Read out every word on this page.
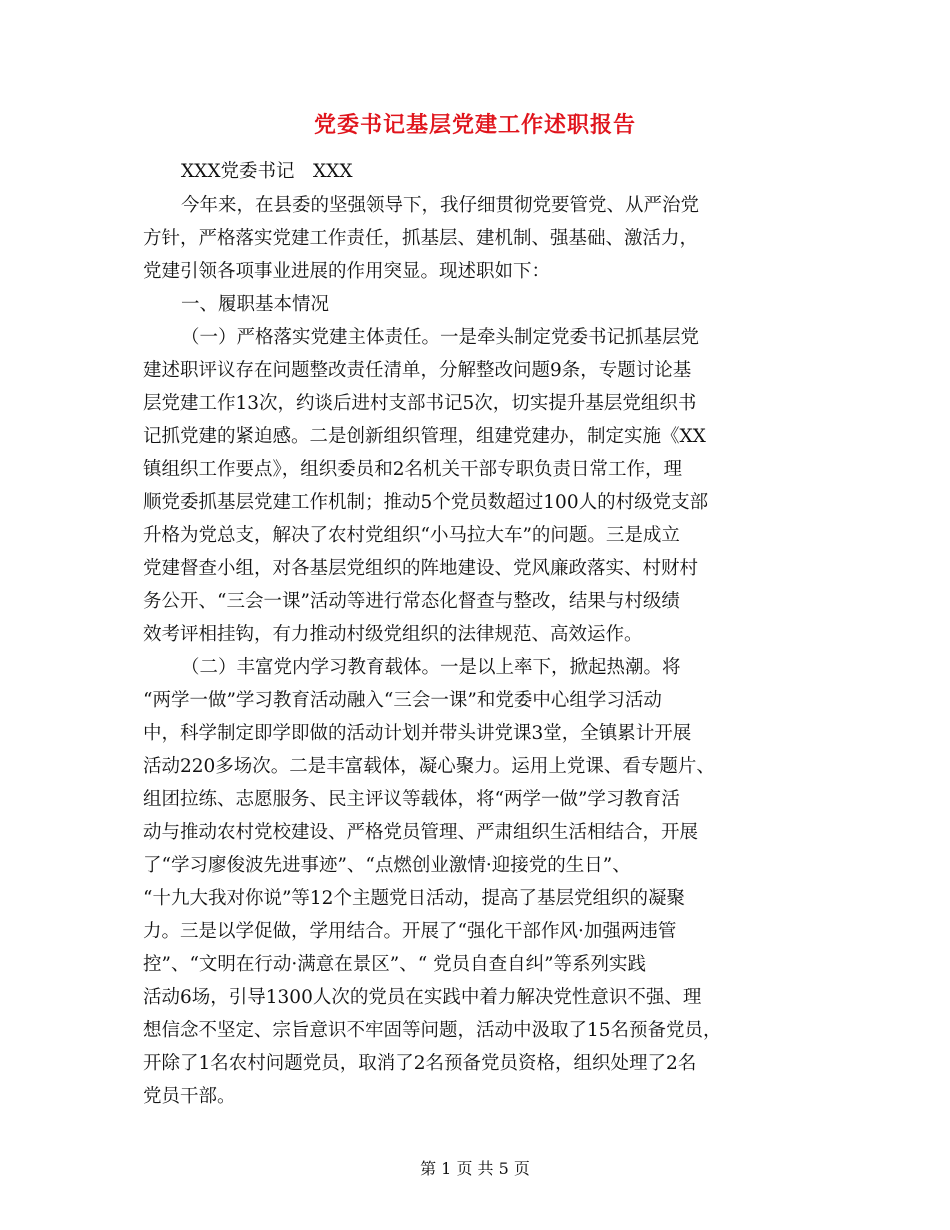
党委书记基层党建工作述职报告
XXX党委书记　XXX
今年来，在县委的坚强领导下，我仔细贯彻党要管党、从严治党
方针，严格落实党建工作责任，抓基层、建机制、强基础、激活力，
党建引领各项事业进展的作用突显。现述职如下：
一、履职基本情况
（一）严格落实党建主体责任。一是牵头制定党委书记抓基层党
建述职评议存在问题整改责任清单，分解整改问题9条，专题讨论基
层党建工作13次，约谈后进村支部书记5次，切实提升基层党组织书
记抓党建的紧迫感。二是创新组织管理，组建党建办，制定实施《XX
镇组织工作要点》，组织委员和2名机关干部专职负责日常工作，理
顺党委抓基层党建工作机制；推动5个党员数超过100人的村级党支部
升格为党总支，解决了农村党组织“小马拉大车”的问题。三是成立
党建督查小组，对各基层党组织的阵地建设、党风廉政落实、村财村
务公开、“三会一课”活动等进行常态化督查与整改，结果与村级绩
效考评相挂钩，有力推动村级党组织的法律规范、高效运作。
（二）丰富党内学习教育载体。一是以上率下，掀起热潮。将
“两学一做”学习教育活动融入“三会一课”和党委中心组学习活动
中，科学制定即学即做的活动计划并带头讲党课3堂，全镇累计开展
活动220多场次。二是丰富载体，凝心聚力。运用上党课、看专题片、
组团拉练、志愿服务、民主评议等载体，将“两学一做”学习教育活
动与推动农村党校建设、严格党员管理、严肃组织生活相结合，开展
了“学习廖俊波先进事迹”、“点燃创业激情·迎接党的生日”、
“十九大我对你说”等12个主题党日活动，提高了基层党组织的凝聚
力。三是以学促做，学用结合。开展了“强化干部作风·加强两违管
控”、“文明在行动·满意在景区”、“ 党员自查自纠”等系列实践
活动6场，引导1300人次的党员在实践中着力解决党性意识不强、理
想信念不坚定、宗旨意识不牢固等问题，活动中汲取了15名预备党员，
开除了1名农村问题党员，取消了2名预备党员资格，组织处理了2名
党员干部。
第 1 页 共 5 页
